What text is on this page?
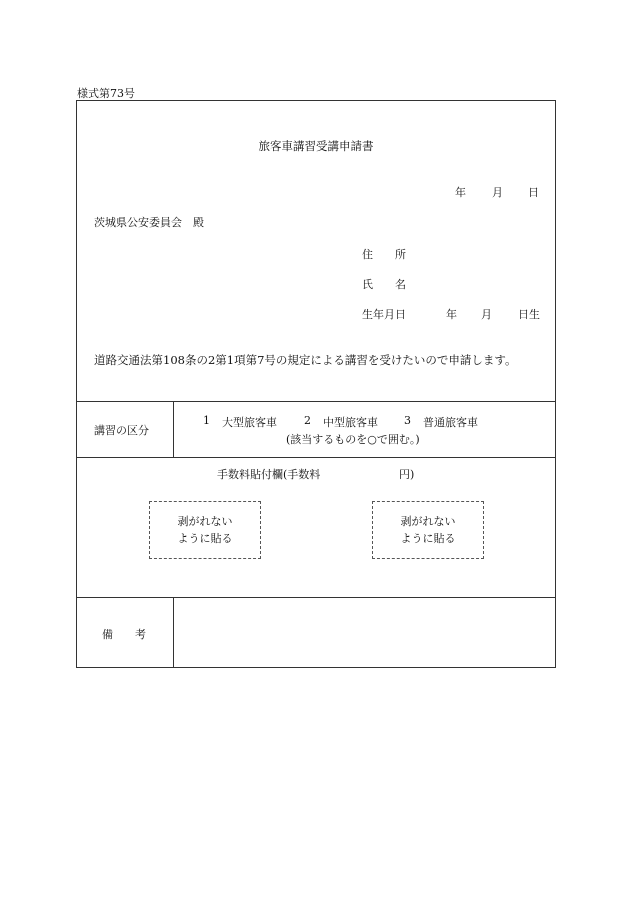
様式第73号
旅客車講習受講申請書
年 月 日
茨城県公安委員会　殿
住　　所
氏　　名
生年月日	年 月 日生
道路交通法第108条の2第1項第7号の規定による講習を受けたいので申請します。
講習の区分
1 大型旅客車 2 中型旅客車 3 普通旅客車
(該当するものを○で囲む。)
手数料貼付欄(手数料	円)
剥がれない
ように貼る
剥がれない
ように貼る
備　　考
